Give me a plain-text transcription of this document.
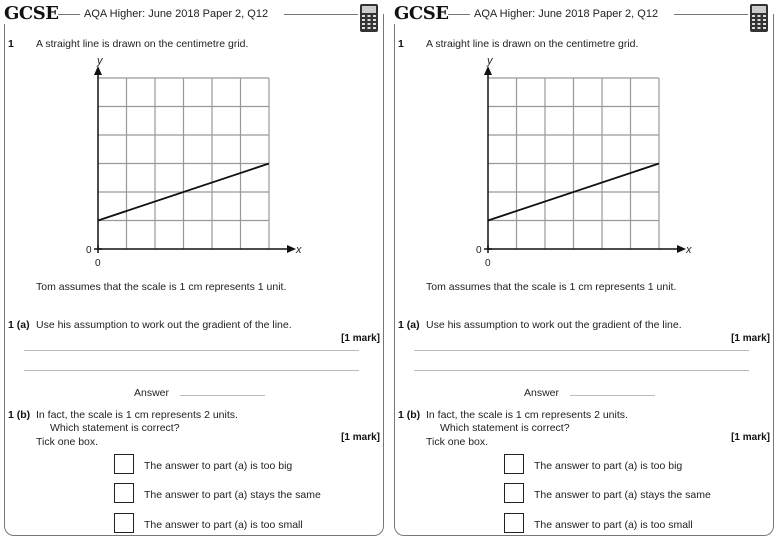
GCSE	AQA Higher: June 2018 Paper 2, Q12
1 A straight line is drawn on the centimetre grid.
y
x
0
0
Tom assumes that the scale is 1 cm represents 1 unit.
1 (a) Use his assumption to work out the gradient of the line.
[1 mark]
Answer
1 (b) In fact, the scale is 1 cm represents 2 units.
Which statement is correct?
Tick one box.	[1 mark]
The answer to part (a) is too big
The answer to part (a) stays the same
The answer to part (a) is too small
GCSE	AQA Higher: June 2018 Paper 2, Q12
1 A straight line is drawn on the centimetre grid.
y
x
0
0
Tom assumes that the scale is 1 cm represents 1 unit.
1 (a) Use his assumption to work out the gradient of the line.
[1 mark]
Answer
1 (b) In fact, the scale is 1 cm represents 2 units.
Which statement is correct?
Tick one box.	[1 mark]
The answer to part (a) is too big
The answer to part (a) stays the same
The answer to part (a) is too small
